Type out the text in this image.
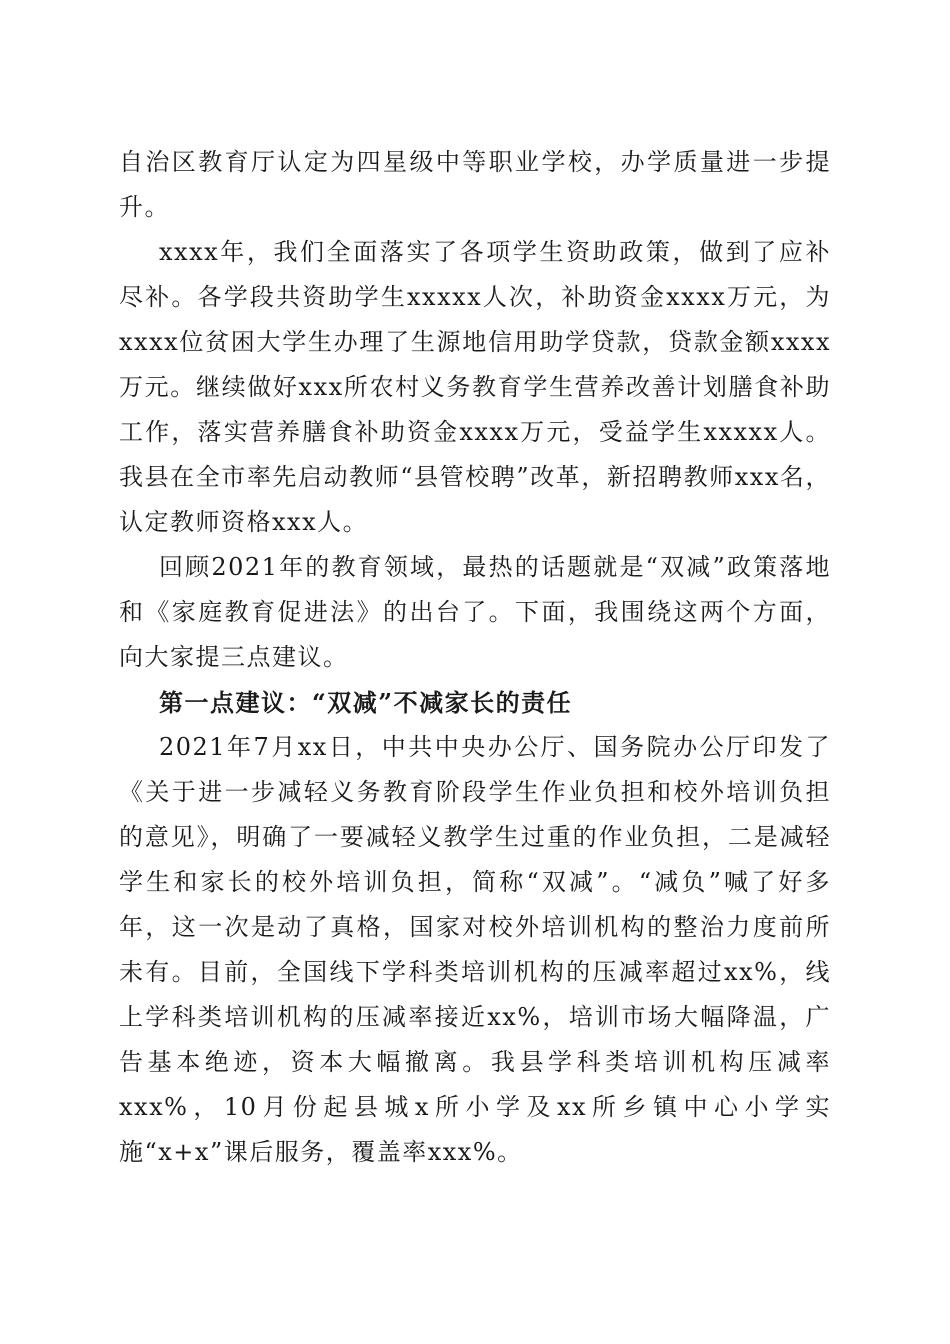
自治区教育厅认定为四星级中等职业学校，办学质量进一步提升。

xxxx年，我们全面落实了各项学生资助政策，做到了应补尽补。各学段共资助学生xxxxx人次，补助资金xxxx万元，为xxxx位贫困大学生办理了生源地信用助学贷款，贷款金额xxxx万元。继续做好xxx所农村义务教育学生营养改善计划膳食补助工作，落实营养膳食补助资金xxxx万元，受益学生xxxxx人。我县在全市率先启动教师“县管校聘”改革，新招聘教师xxx名，认定教师资格xxx人。

回顾2021年的教育领域，最热的话题就是“双减”政策落地和《家庭教育促进法》的出台了。下面，我围绕这两个方面，向大家提三点建议。

第一点建议：“双减”不减家长的责任

2021年7月xx日，中共中央办公厅、国务院办公厅印发了《关于进一步减轻义务教育阶段学生作业负担和校外培训负担的意见》，明确了一要减轻义教学生过重的作业负担，二是减轻学生和家长的校外培训负担，简称“双减”。“减负”喊了好多年，这一次是动了真格，国家对校外培训机构的整治力度前所未有。目前，全国线下学科类培训机构的压减率超过xx%，线上学科类培训机构的压减率接近xx%，培训市场大幅降温，广告基本绝迹，资本大幅撤离。我县学科类培训机构压减率xxx%，10月份起县城x所小学及xx所乡镇中心小学实施“x+x”课后服务，覆盖率xxx%。
